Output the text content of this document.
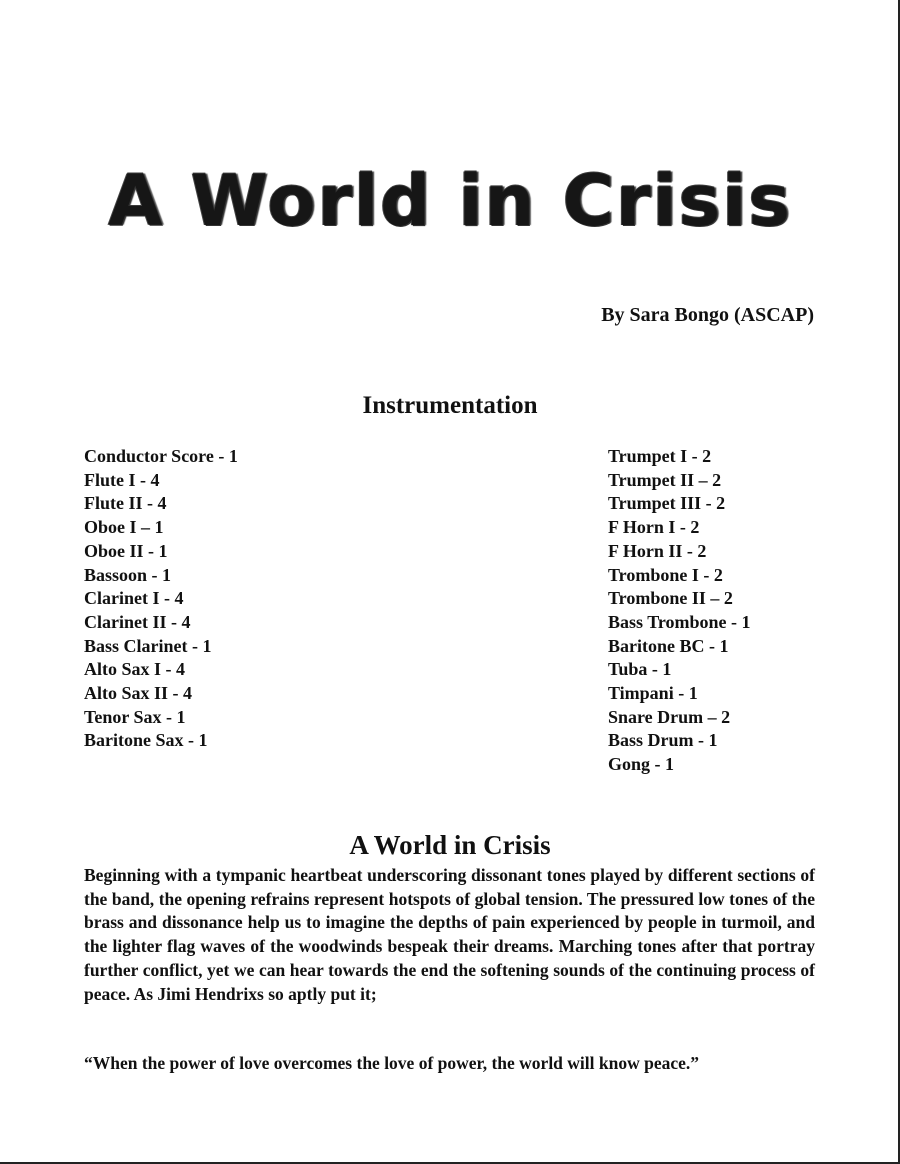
A World in Crisis
By Sara Bongo (ASCAP)
Instrumentation
Conductor Score - 1
Flute I - 4
Flute II - 4
Oboe I – 1
Oboe II - 1
Bassoon - 1
Clarinet I - 4
Clarinet II - 4
Bass Clarinet - 1
Alto Sax I - 4
Alto Sax II - 4
Tenor Sax - 1
Baritone Sax - 1
Trumpet I - 2
Trumpet II – 2
Trumpet III - 2
F Horn I - 2
F Horn II - 2
Trombone I - 2
Trombone II – 2
Bass Trombone - 1
Baritone BC - 1
Tuba - 1
Timpani - 1
Snare Drum – 2
Bass Drum - 1
Gong - 1
A World in Crisis

Beginning with a tympanic heartbeat underscoring dissonant tones played by different sections of the band, the opening refrains represent hotspots of global tension. The pressured low tones of the brass and dissonance help us to imagine the depths of pain experienced by people in turmoil, and the lighter flag waves of the woodwinds bespeak their dreams. Marching tones after that portray further conflict, yet we can hear towards the end the softening sounds of the continuing process of peace. As Jimi Hendrixs so aptly put it;

“When the power of love overcomes the love of power, the world will know peace.”
